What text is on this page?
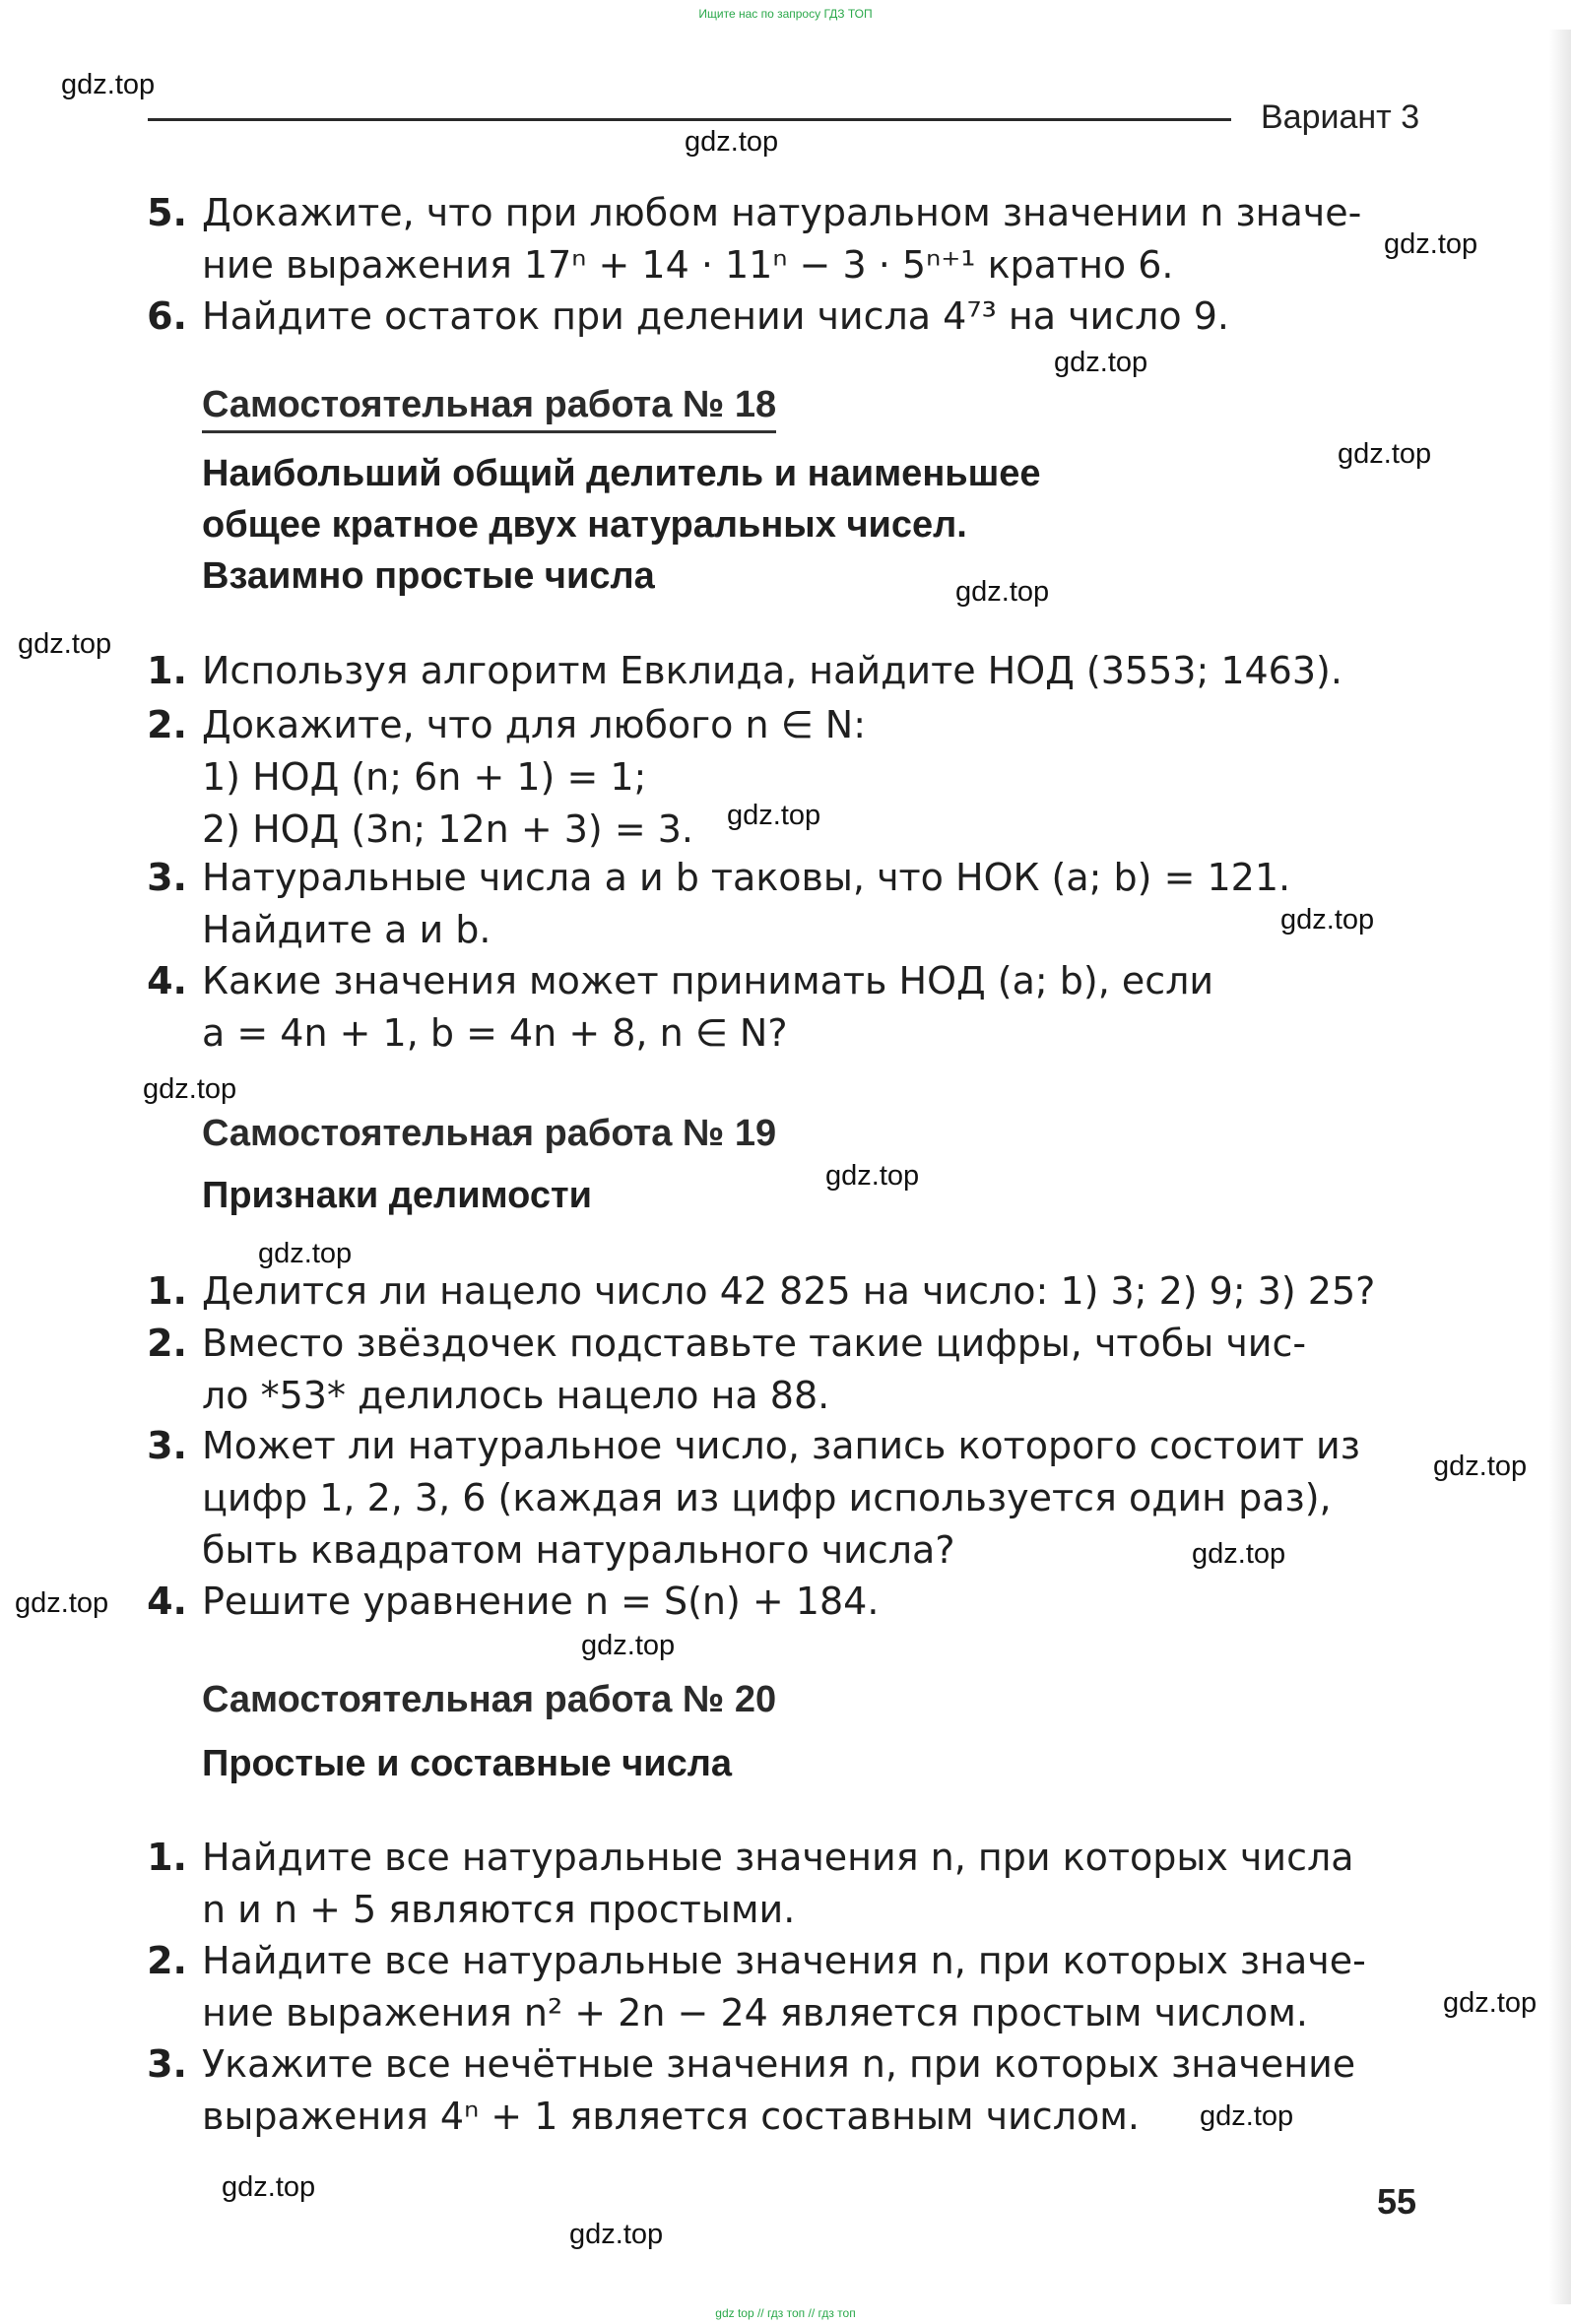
Ищите нас по запросу ГДЗ ТОП
Вариант 3
5. Докажите, что при любом натуральном значении n значе-
ние выражения 17ⁿ + 14 · 11ⁿ − 3 · 5ⁿ⁺¹ кратно 6.
6. Найдите остаток при делении числа 4⁷³ на число 9.
Самостоятельная работа № 18
Наибольший общий делитель и наименьшее
общее кратное двух натуральных чисел.
Взаимно простые числа
1. Используя алгоритм Евклида, найдите НОД (3553; 1463).
2. Докажите, что для любого n ∈ N:
1) НОД (n; 6n + 1) = 1;
2) НОД (3n; 12n + 3) = 3.
3. Натуральные числа a и b таковы, что НОК (a; b) = 121.
Найдите a и b.
4. Какие значения может принимать НОД (a; b), если
a = 4n + 1, b = 4n + 8, n ∈ N?
Самостоятельная работа № 19
Признаки делимости
1. Делится ли нацело число 42 825 на число: 1) 3; 2) 9; 3) 25?
2. Вместо звёздочек подставьте такие цифры, чтобы чис-
ло *53* делилось нацело на 88.
3. Может ли натуральное число, запись которого состоит из
цифр 1, 2, 3, 6 (каждая из цифр используется один раз),
быть квадратом натурального числа?
4. Решите уравнение n = S(n) + 184.
Самостоятельная работа № 20
Простые и составные числа
1. Найдите все натуральные значения n, при которых числа
n и n + 5 являются простыми.
2. Найдите все натуральные значения n, при которых значе-
ние выражения n² + 2n − 24 является простым числом.
3. Укажите все нечётные значения n, при которых значение
выражения 4ⁿ + 1 является составным числом.
55
gdz.top
gdz.top
gdz.top
gdz.top
gdz.top
gdz.top
gdz.top
gdz.top
gdz.top
gdz.top
gdz.top
gdz.top
gdz.top
gdz.top
gdz.top
gdz.top
gdz.top
gdz.top
gdz.top
gdz.top
gdz top // гдз топ // гдз топ
